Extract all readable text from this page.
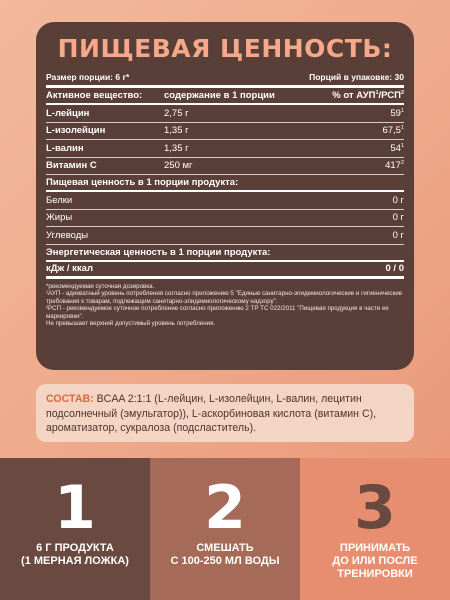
ПИЩЕВАЯ ЦЕННОСТЬ:
Размер порции: 6 г*	Порций в упаковке: 30
Активное вещество:	содержание в 1 порции	% от АУП$^1$/РСП$^2$
L-лейцин	2,75 г	$59^1$
L-изолейцин	1,35 г	67,5$^1$
L-валин	1,35 г	$54^1$
Витамин С	250 мг	$417^2$
Пищевая ценность в 1 порции продукта:
Белки	0 г
Жиры	0 г
Углеводы	0 г
Энергетическая ценность в 1 порции продукта:
кДж / ккал	0 / 0
*рекомендуемая суточная дозировка.
¹АУП - адекватный уровень потребления согласно приложению 5 "Единые санитарно-эпидемиологические и гигиенические требования к товарам, подлежащим санитарно-эпидемиологическому надзору".
²РСП - рекомендуемое суточное потребление согласно приложению 2 ТР ТС 022/2011 "Пищевая продукция в части ее маркировки".
Не превышает верхний допустимый уровень потребления.
СОСТАВ: BCAA 2:1:1 (L-лейцин, L-изолейцин, L-валин, лецитин подсолнечный (эмульгатор)), L-аскорбиновая кислота (витамин С), ароматизатор, сукралоза (подсластитель).
1
6 Г ПРОДУКТА
(1 МЕРНАЯ ЛОЖКА)
2
СМЕШАТЬ
С 100-250 МЛ ВОДЫ
3
ПРИНИМАТЬ
ДО ИЛИ ПОСЛЕ
ТРЕНИРОВКИ
